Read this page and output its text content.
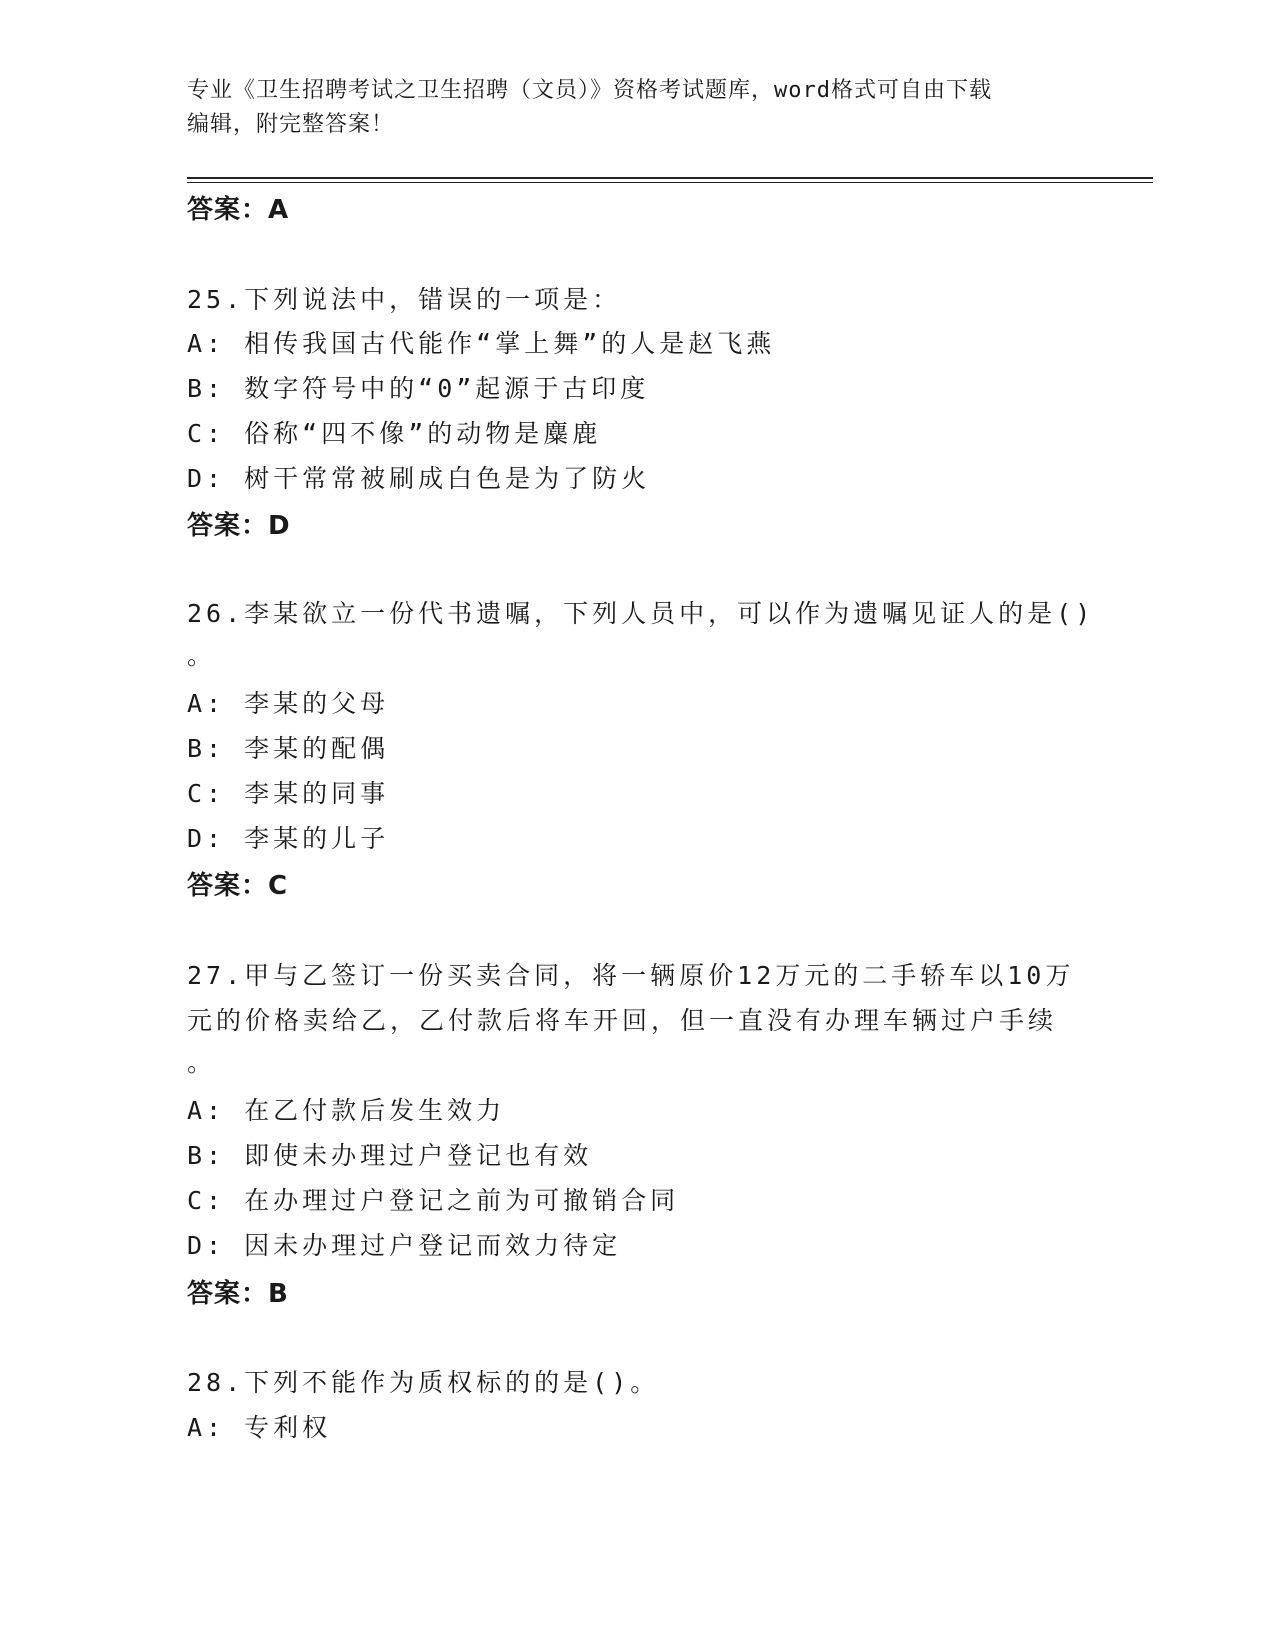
专业《卫生招聘考试之卫生招聘（文员）》资格考试题库，word格式可自由下载
编辑，附完整答案！
答案：A
25.下列说法中，错误的一项是：
A: 相传我国古代能作“掌上舞”的人是赵飞燕
B: 数字符号中的“0”起源于古印度
C: 俗称“四不像”的动物是麋鹿
D: 树干常常被刷成白色是为了防火
答案：D
26.李某欲立一份代书遗嘱，下列人员中，可以作为遗嘱见证人的是()
。
A: 李某的父母
B: 李某的配偶
C: 李某的同事
D: 李某的儿子
答案：C
27.甲与乙签订一份买卖合同，将一辆原价12万元的二手轿车以10万
元的价格卖给乙，乙付款后将车开回，但一直没有办理车辆过户手续
。
A: 在乙付款后发生效力
B: 即使未办理过户登记也有效
C: 在办理过户登记之前为可撤销合同
D: 因未办理过户登记而效力待定
答案：B
28.下列不能作为质权标的的是()。
A: 专利权
